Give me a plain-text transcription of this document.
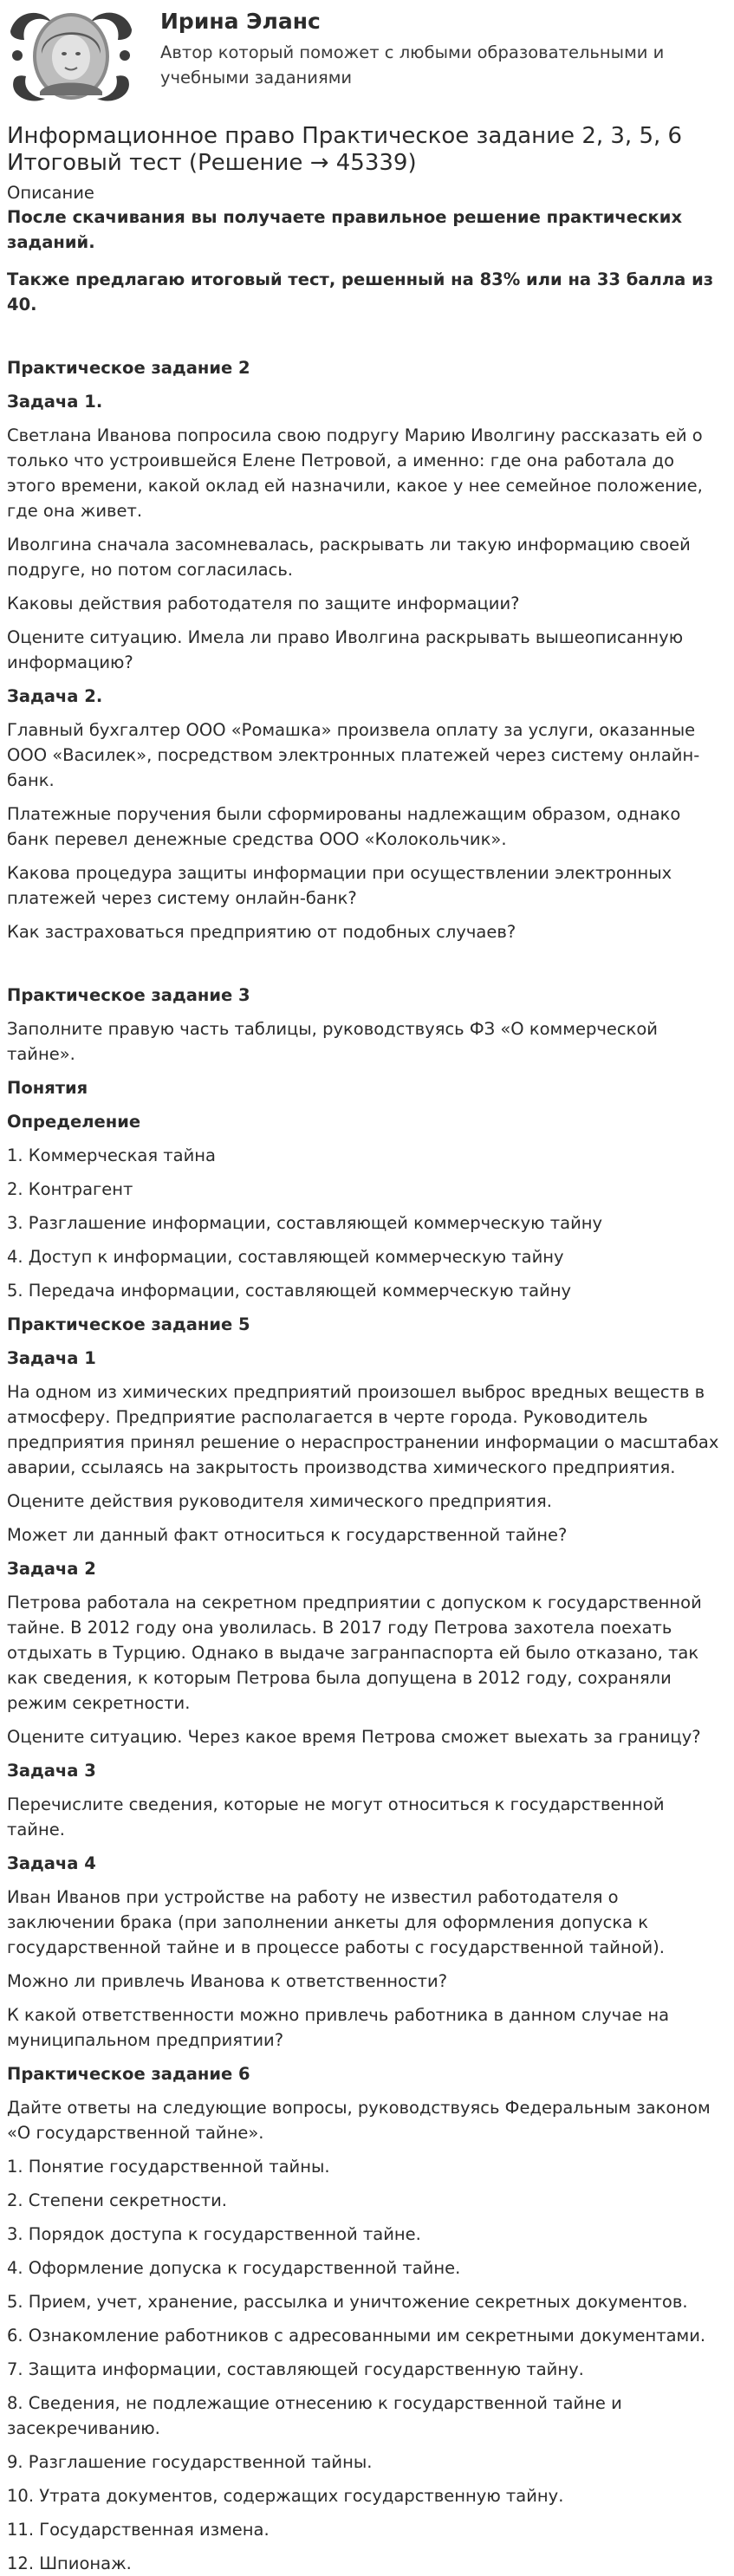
Ирина Эланс
Автор который поможет с любыми образовательными и учебными заданиями
Информационное право Практическое задание 2, 3, 5, 6 Итоговый тест (Решение → 45339)
Описание

После скачивания вы получаете правильное решение практических заданий.

Также предлагаю итоговый тест, решенный на 83% или на 33 балла из 40.

Практическое задание 2
Задача 1.

Светлана Иванова попросила свою подругу Марию Иволгину рассказать ей о только что устроившейся Елене Петровой, а именно: где она работала до этого времени, какой оклад ей назначили, какое у нее семейное положение, где она живет.

Иволгина сначала засомневалась, раскрывать ли такую информацию своей подруге, но потом согласилась.

Каковы действия работодателя по защите информации?

Оцените ситуацию. Имела ли право Иволгина раскрывать вышеописанную информацию?

Задача 2.

Главный бухгалтер ООО «Ромашка» произвела оплату за услуги, оказанные ООО «Василек», посредством электронных платежей через систему онлайн-банк.

Платежные поручения были сформированы надлежащим образом, однако банк перевел денежные средства ООО «Колокольчик».

Какова процедура защиты информации при осуществлении электронных платежей через систему онлайн-банк?

Как застраховаться предприятию от подобных случаев?

Практическое задание 3

Заполните правую часть таблицы, руководствуясь ФЗ «О коммерческой тайне».

Понятия
Определение

1. Коммерческая тайна

2. Контрагент

3. Разглашение информации, составляющей коммерческую тайну

4. Доступ к информации, составляющей коммерческую тайну

5. Передача информации, составляющей коммерческую тайну

Практическое задание 5
Задача 1

На одном из химических предприятий произошел выброс вредных веществ в атмосферу. Предприятие располагается в черте города. Руководитель предприятия принял решение о нераспространении информации о масштабах аварии, ссылаясь на закрытость производства химического предприятия.

Оцените действия руководителя химического предприятия.

Может ли данный факт относиться к государственной тайне?

Задача 2

Петрова работала на секретном предприятии с допуском к государственной тайне. В 2012 году она уволилась. В 2017 году Петрова захотела поехать отдыхать в Турцию. Однако в выдаче загранпаспорта ей было отказано, так как сведения, к которым Петрова была допущена в 2012 году, сохраняли режим секретности.

Оцените ситуацию. Через какое время Петрова сможет выехать за границу?

Задача 3

Перечислите сведения, которые не могут относиться к государственной тайне.

Задача 4

Иван Иванов при устройстве на работу не известил работодателя о заключении брака (при заполнении анкеты для оформления допуска к государственной тайне и в процессе работы с государственной тайной).

Можно ли привлечь Иванова к ответственности?

К какой ответственности можно привлечь работника в данном случае на муниципальном предприятии?

Практическое задание 6

Дайте ответы на следующие вопросы, руководствуясь Федеральным законом «О государственной тайне».

1. Понятие государственной тайны.

2. Степени секретности.

3. Порядок доступа к государственной тайне.

4. Оформление допуска к государственной тайне.

5. Прием, учет, хранение, рассылка и уничтожение секретных документов.

6. Ознакомление работников с адресованными им секретными документами.

7. Защита информации, составляющей государственную тайну.

8. Сведения, не подлежащие отнесению к государственной тайне и засекречиванию.

9. Разглашение государственной тайны.

10. Утрата документов, содержащих государственную тайну.

11. Государственная измена.

12. Шпионаж.
